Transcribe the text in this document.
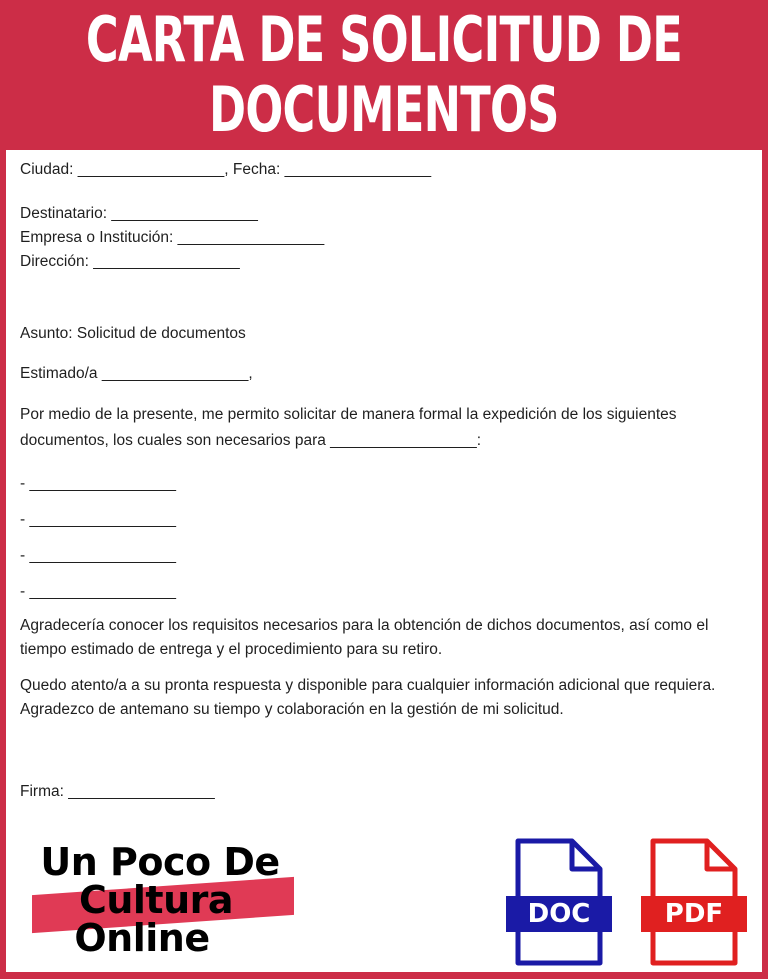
CARTA DE SOLICITUD DE
DOCUMENTOS

Ciudad: _________________, Fecha: _________________

Destinatario: _________________

Empresa o Institución: _________________

Dirección: _________________

Asunto: Solicitud de documentos

Estimado/a _________________,

Por medio de la presente, me permito solicitar de manera formal la expedición de los siguientes documentos, los cuales son necesarios para _________________:

- _________________
- _________________
- _________________
- _________________

Agradecería conocer los requisitos necesarios para la obtención de dichos documentos, así como el tiempo estimado de entrega y el procedimiento para su retiro.

Quedo atento/a a su pronta respuesta y disponible para cualquier información adicional que requiera. Agradezco de antemano su tiempo y colaboración en la gestión de mi solicitud.

Firma: _________________

Un Poco De
Cultura
Online
DOC	PDF
